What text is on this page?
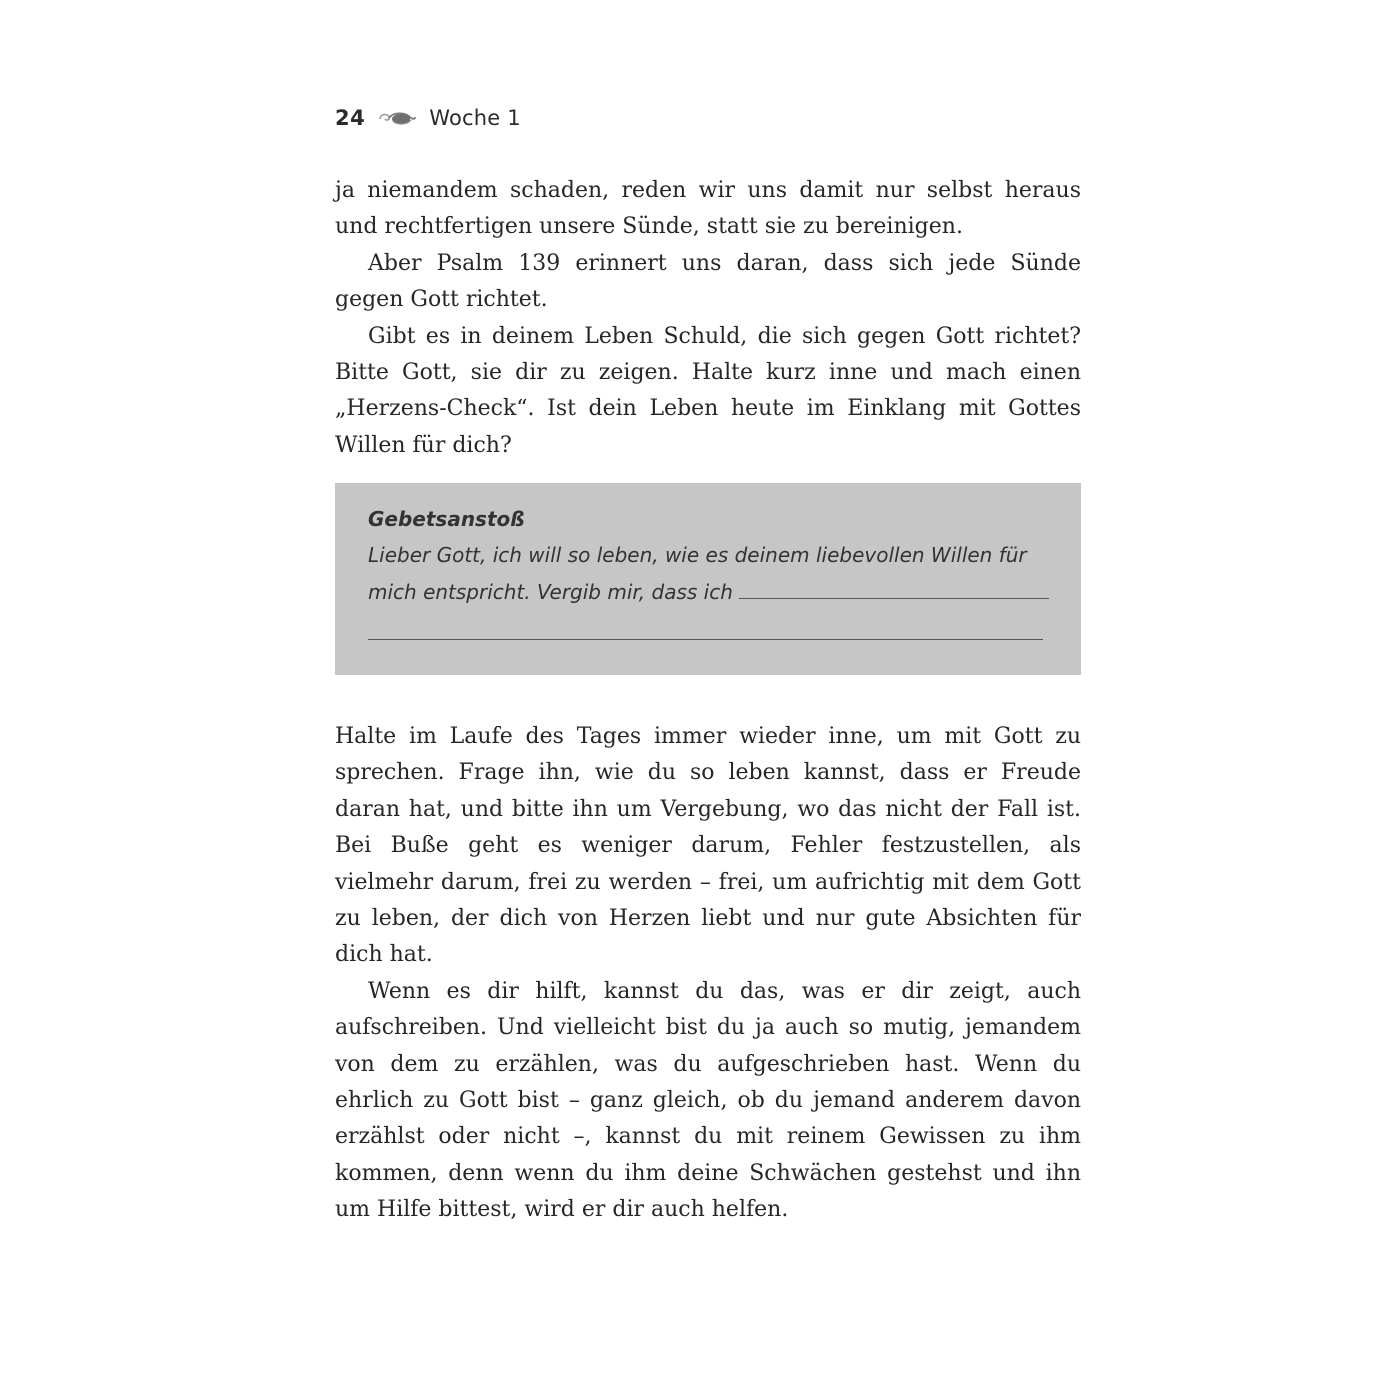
24	Woche 1

ja niemandem schaden, reden wir uns damit nur selbst heraus und rechtfertigen unsere Sünde, statt sie zu bereinigen.

Aber Psalm 139 erinnert uns daran, dass sich jede Sünde gegen Gott richtet.

Gibt es in deinem Leben Schuld, die sich gegen Gott richtet? Bitte Gott, sie dir zu zeigen. Halte kurz inne und mach einen „Herzens-Check“. Ist dein Leben heute im Einklang mit Gottes Willen für dich?

Gebetsanstoß
Lieber Gott, ich will so leben, wie es deinem liebevollen Willen für
mich entspricht. Vergib mir, dass ich

Halte im Laufe des Tages immer wieder inne, um mit Gott zu sprechen. Frage ihn, wie du so leben kannst, dass er Freude daran hat, und bitte ihn um Vergebung, wo das nicht der Fall ist. Bei Buße geht es weniger darum, Fehler festzustellen, als vielmehr darum, frei zu werden – frei, um aufrichtig mit dem Gott zu leben, der dich von Herzen liebt und nur gute Absichten für dich hat.

Wenn es dir hilft, kannst du das, was er dir zeigt, auch aufschreiben. Und vielleicht bist du ja auch so mutig, jemandem von dem zu erzählen, was du aufgeschrieben hast. Wenn du ehrlich zu Gott bist – ganz gleich, ob du jemand anderem davon erzählst oder nicht –, kannst du mit reinem Gewissen zu ihm kommen, denn wenn du ihm deine Schwächen gestehst und ihn um Hilfe bittest, wird er dir auch helfen.
